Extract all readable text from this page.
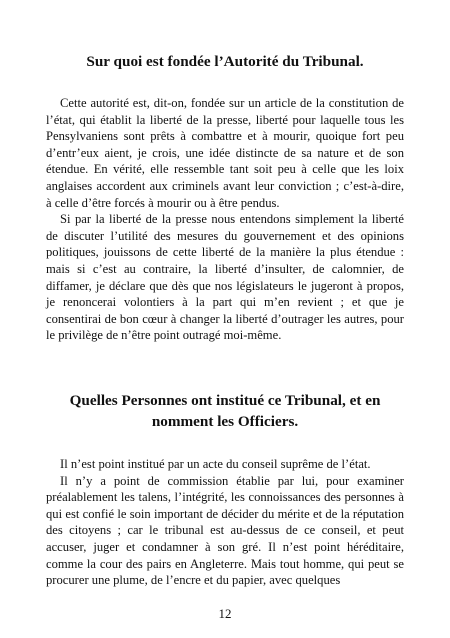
Sur quoi est fondée l’Autorité du Tribunal.

Cette autorité est, dit-on, fondée sur un article de la constitution de l’état, qui établit la liberté de la presse, liberté pour laquelle tous les Pensylvaniens sont prêts à combattre et à mourir, quoique fort peu d’entr’eux aient, je crois, une idée distincte de sa nature et de son étendue. En vérité, elle ressemble tant soit peu à celle que les loix anglaises accordent aux criminels avant leur conviction ; c’est-à-dire, à celle d’être forcés à mourir ou à être pendus.

Si par la liberté de la presse nous entendons simplement la liberté de discuter l’utilité des mesures du gouvernement et des opinions politiques, jouissons de cette liberté de la manière la plus étendue : mais si c’est au contraire, la liberté d’insulter, de calomnier, de diffamer, je déclare que dès que nos législateurs le jugeront à propos, je renoncerai volontiers à la part qui m’en revient ; et que je consentirai de bon cœur à changer la liberté d’outrager les autres, pour le privilège de n’être point outragé moi-même.

Quelles Personnes ont institué ce Tribunal, et en nomment les Officiers.

Il n’est point institué par un acte du conseil suprême de l’état.

Il n’y a point de commission établie par lui, pour examiner préalablement les talens, l’intégrité, les connoissances des personnes à qui est confié le soin important de décider du mérite et de la réputation des citoyens ; car le tribunal est au-dessus de ce conseil, et peut accuser, juger et condamner à son gré. Il n’est point héréditaire, comme la cour des pairs en Angleterre. Mais tout homme, qui peut se procurer une plume, de l’encre et du papier, avec quelques

12
